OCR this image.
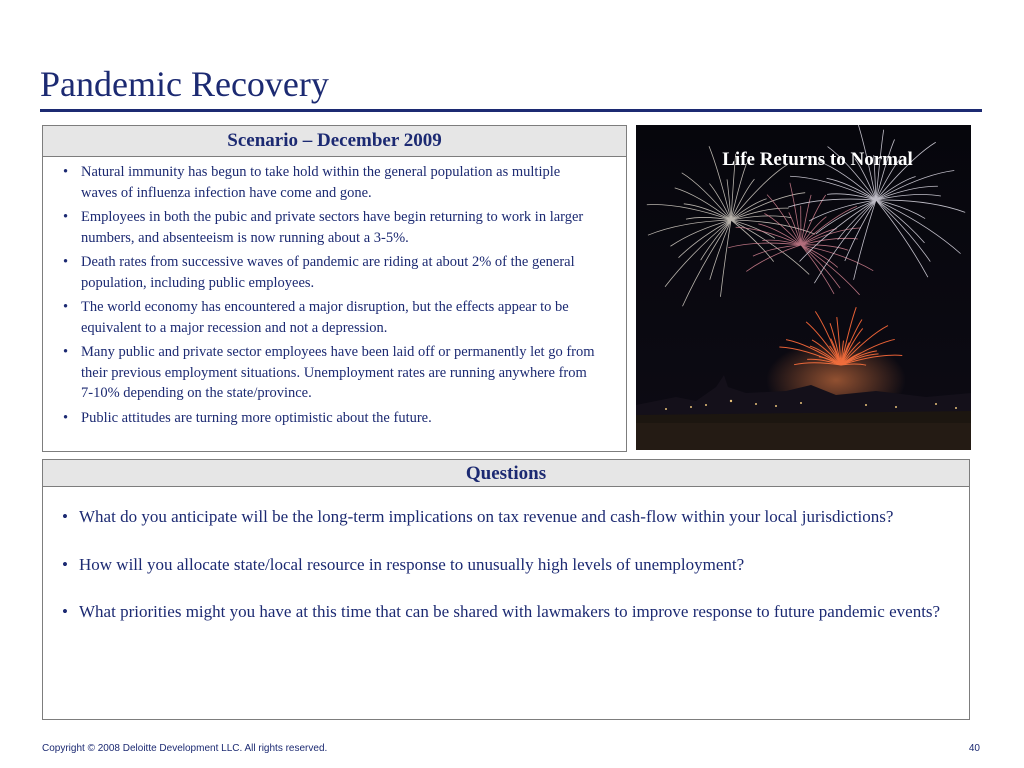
Pandemic Recovery
Scenario – December 2009
• Natural immunity has begun to take hold within the general population as multiple waves of influenza infection have come and gone.
• Employees in both the pubic and private sectors have begin returning to work in larger numbers, and absenteeism is now running about a 3-5%.
• Death rates from successive waves of pandemic are riding at about 2% of the general population, including public employees.
• The world economy has encountered a major disruption, but the effects appear to be equivalent to a major recession and not a depression.
• Many public and private sector employees have been laid off or permanently let go from their previous employment situations. Unemployment rates are running anywhere from 7-10% depending on the state/province.
• Public attitudes are turning more optimistic about the future.
Life Returns to Normal
Questions
• What do you anticipate will be the long-term implications on tax revenue and cash-flow within your local jurisdictions?
• How will you allocate state/local resource in response to unusually high levels of unemployment?
• What priorities might you have at this time that can be shared with lawmakers to improve response to future pandemic events?
Copyright © 2008 Deloitte Development LLC. All rights reserved.	40
